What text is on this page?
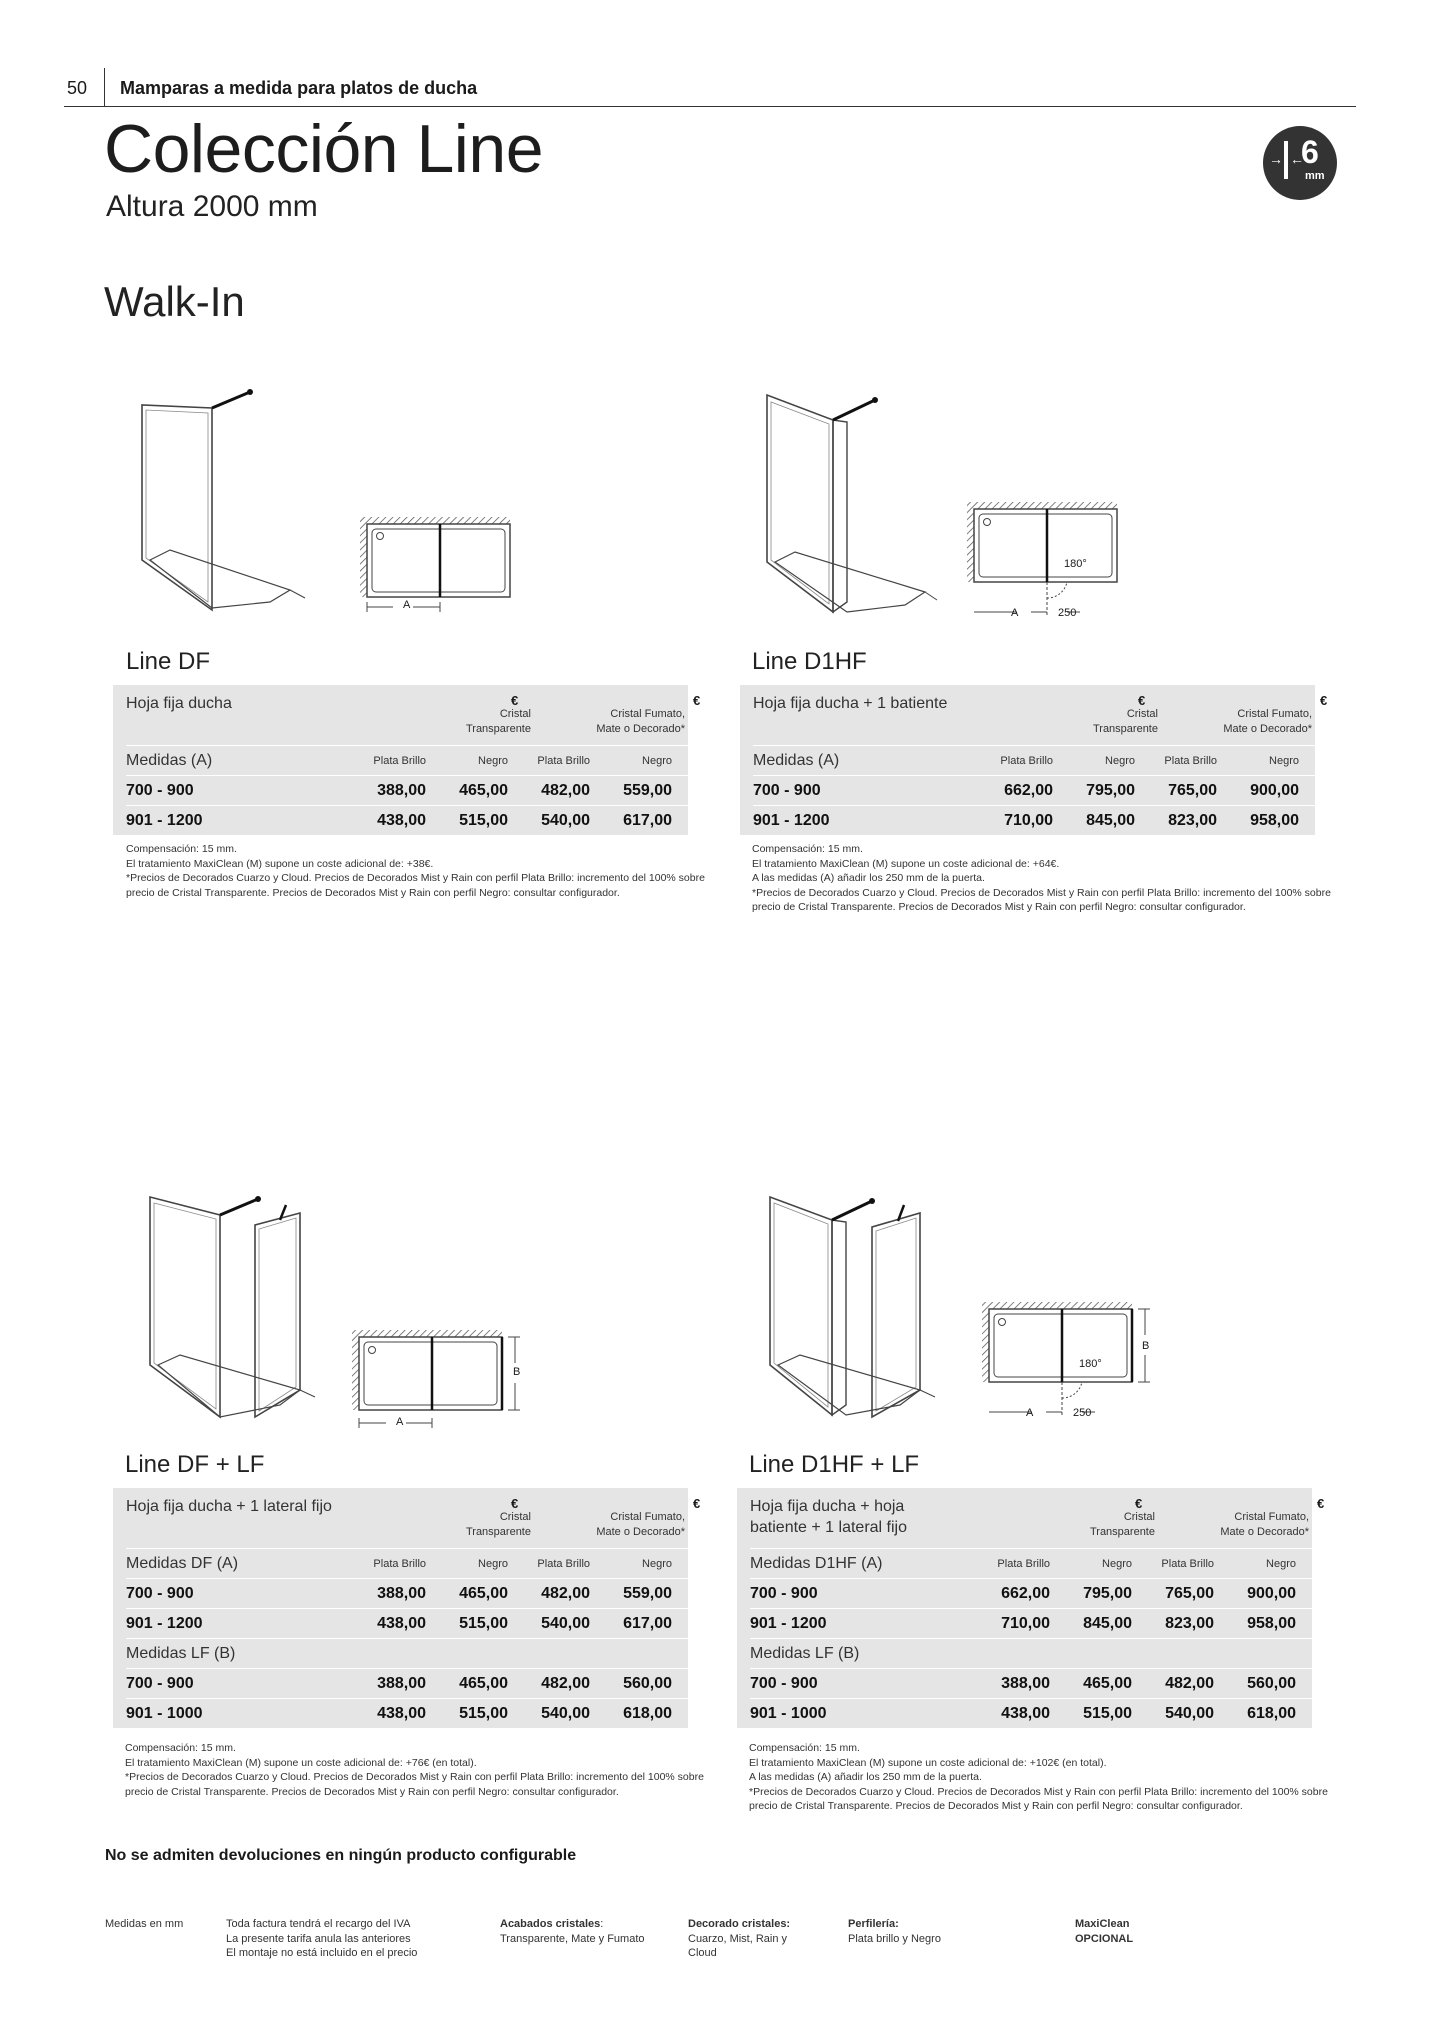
50 Mamparas a medida para platos de ducha
Colección Line
Altura 2000 mm
Walk-In
→ ←
6
mm
A
180°
A	250
B
A
B
180°
A	250
Line DF
Hoja fija ducha	€	€
Cristal
Transparente
Cristal Fumato,
Mate o Decorado*
Medidas (A)	Plata Brillo	Negro	Plata Brillo	Negro
700 - 900	388,00	465,00	482,00	559,00
901 - 1200	438,00	515,00	540,00	617,00
Compensación: 15 mm.
El tratamiento MaxiClean (M) supone un coste adicional de: +38€.
*Precios de Decorados Cuarzo y Cloud. Precios de Decorados Mist y Rain con perfil Plata Brillo: incremento del 100% sobre precio de Cristal Transparente. Precios de Decorados Mist y Rain con perfil Negro: consultar configurador.
Line D1HF
Hoja fija ducha + 1 batiente	€	€
Cristal
Transparente
Cristal Fumato,
Mate o Decorado*
Medidas (A)	Plata Brillo	Negro	Plata Brillo	Negro
700 - 900	662,00	795,00	765,00	900,00
901 - 1200	710,00	845,00	823,00	958,00
Compensación: 15 mm.
El tratamiento MaxiClean (M) supone un coste adicional de: +64€.
A las medidas (A) añadir los 250 mm de la puerta.
*Precios de Decorados Cuarzo y Cloud. Precios de Decorados Mist y Rain con perfil Plata Brillo: incremento del 100% sobre precio de Cristal Transparente. Precios de Decorados Mist y Rain con perfil Negro: consultar configurador.
Line DF + LF
Hoja fija ducha + 1 lateral fijo	€	€
Cristal
Transparente
Cristal Fumato,
Mate o Decorado*
Medidas DF (A)	Plata Brillo	Negro	Plata Brillo	Negro
700 - 900	388,00	465,00	482,00	559,00
901 - 1200	438,00	515,00	540,00	617,00
Medidas LF (B)
700 - 900	388,00	465,00	482,00	560,00
901 - 1000	438,00	515,00	540,00	618,00
Compensación: 15 mm.
El tratamiento MaxiClean (M) supone un coste adicional de: +76€ (en total).
*Precios de Decorados Cuarzo y Cloud. Precios de Decorados Mist y Rain con perfil Plata Brillo: incremento del 100% sobre precio de Cristal Transparente. Precios de Decorados Mist y Rain con perfil Negro: consultar configurador.
Line D1HF + LF
Hoja fija ducha + hoja
batiente + 1 lateral fijo
€	€
Cristal
Transparente
Cristal Fumato,
Mate o Decorado*
Medidas D1HF (A)	Plata Brillo	Negro	Plata Brillo	Negro
700 - 900	662,00	795,00	765,00	900,00
901 - 1200	710,00	845,00	823,00	958,00
Medidas LF (B)
700 - 900	388,00	465,00	482,00	560,00
901 - 1000	438,00	515,00	540,00	618,00
Compensación: 15 mm.
El tratamiento MaxiClean (M) supone un coste adicional de: +102€ (en total).
A las medidas (A) añadir los 250 mm de la puerta.
*Precios de Decorados Cuarzo y Cloud. Precios de Decorados Mist y Rain con perfil Plata Brillo: incremento del 100% sobre precio de Cristal Transparente. Precios de Decorados Mist y Rain con perfil Negro: consultar configurador.
No se admiten devoluciones en ningún producto configurable
Medidas en mm	Toda factura tendrá el recargo del IVA
La presente tarifa anula las anteriores
El montaje no está incluido en el precio
Acabados cristales:
Transparente, Mate y Fumato
Decorado cristales:
Cuarzo, Mist, Rain y
Cloud
Perfilería:
Plata brillo y Negro
MaxiClean
OPCIONAL
